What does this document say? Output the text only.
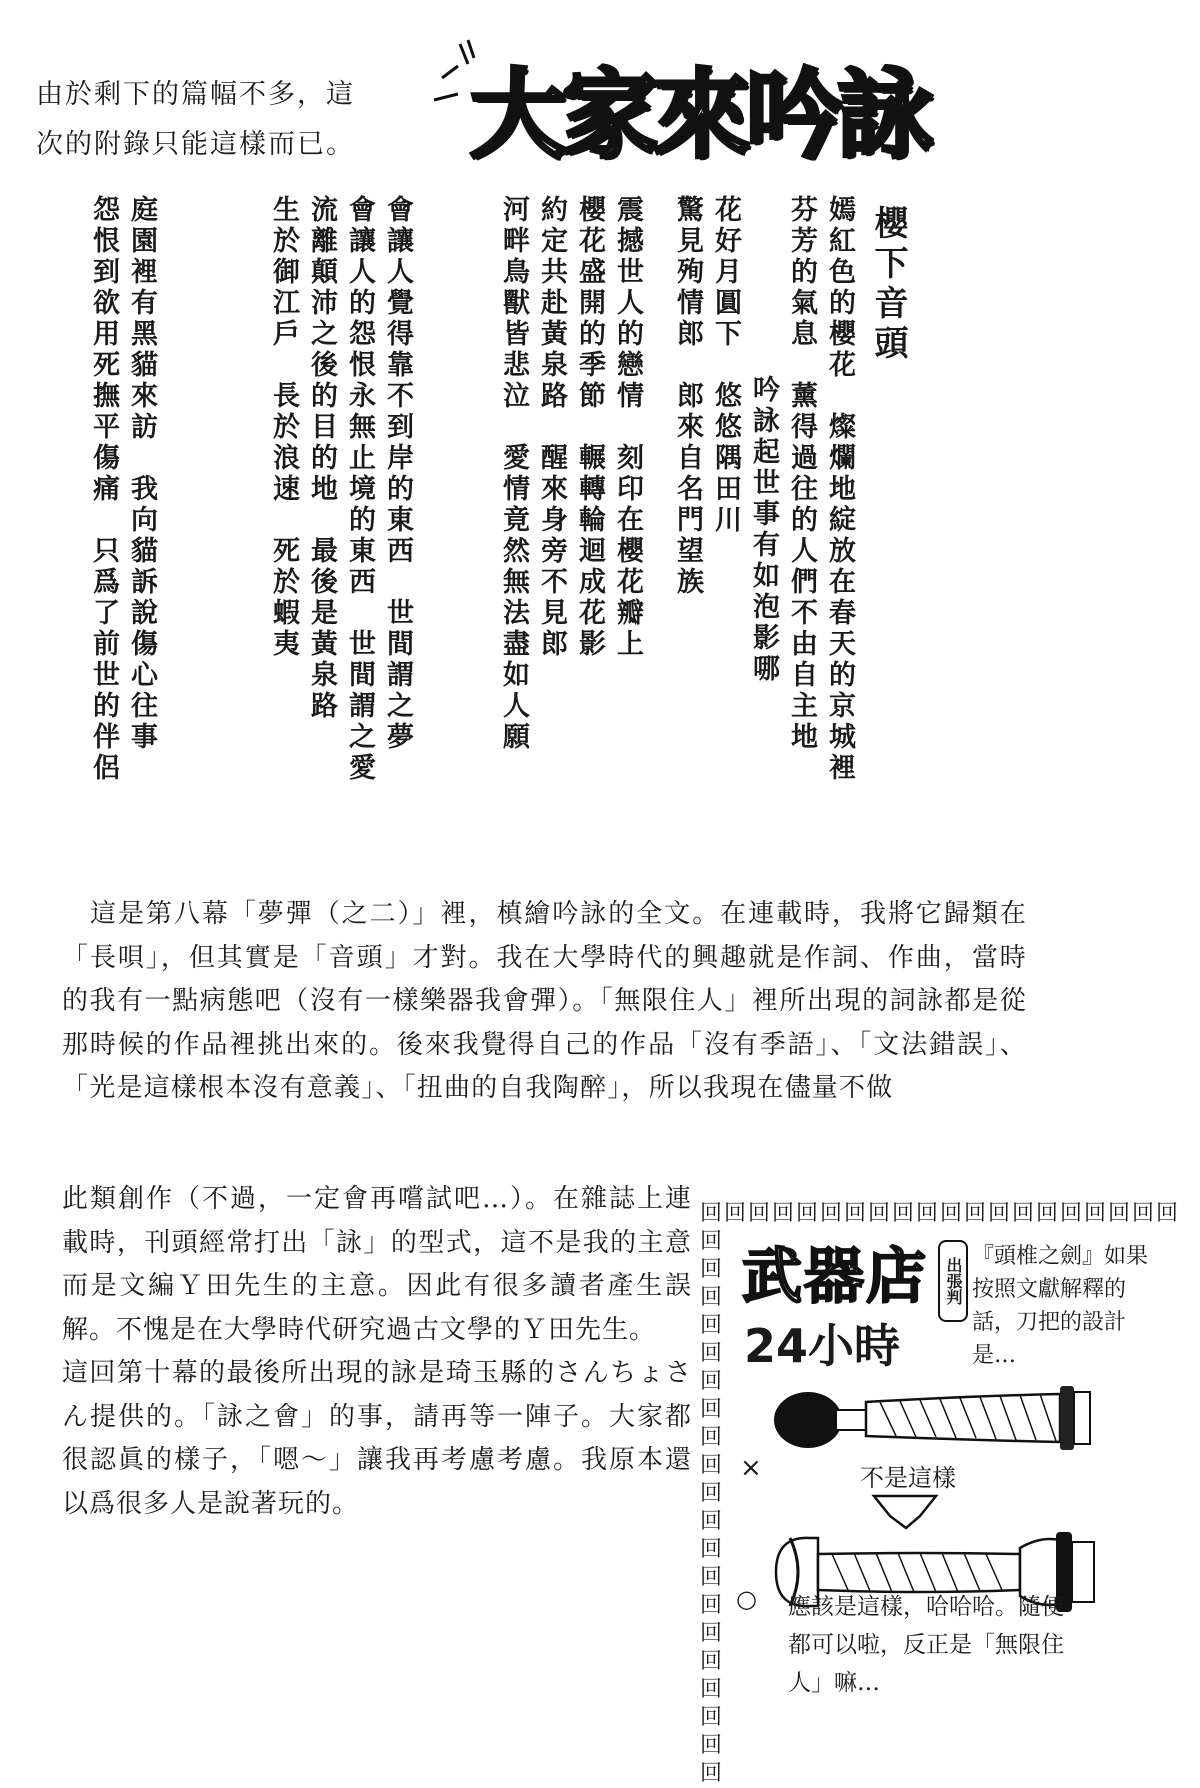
由於剩下的篇幅不多，這
次的附錄只能這樣而已。	大家來吟詠
櫻下音頭
嫣紅色的櫻花　燦爛地綻放在春天的京城裡
芬芳的氣息　薰得過往的人們不由自主地
吟詠起世事有如泡影哪
花好月圓下　悠悠隅田川
驚見殉情郎　郎來自名門望族
震撼世人的戀情　刻印在櫻花瓣上
櫻花盛開的季節　輾轉輪迴成花影
約定共赴黃泉路　醒來身旁不見郎
河畔鳥獸皆悲泣　愛情竟然無法盡如人願
會讓人覺得靠不到岸的東西　世間謂之夢
會讓人的怨恨永無止境的東西　世間謂之愛
流離顛沛之後的目的地　最後是黃泉路
生於御江戶　長於浪速　死於蝦夷
庭園裡有黑貓來訪　我向貓訴說傷心往事
怨恨到欲用死撫平傷痛　只爲了前世的伴侶

這是第八幕「夢彈（之二）」裡，槙繪吟詠的全文。在連載時，我將它歸類在「長唄」，但其實是「音頭」才對。我在大學時代的興趣就是作詞、作曲，當時的我有一點病態吧（沒有一樣樂器我會彈）。「無限住人」裡所出現的詞詠都是從那時候的作品裡挑出來的。後來我覺得自己的作品「沒有季語」、「文法錯誤」、「光是這樣根本沒有意義」、「扭曲的自我陶醉」，所以我現在儘量不做

此類創作（不過，一定會再嚐試吧…）。在雜誌上連載時，刊頭經常打出「詠」的型式，這不是我的主意而是文編Ｙ田先生的主意。因此有很多讀者產生誤解。不愧是在大學時代研究過古文學的Ｙ田先生。

這回第十幕的最後所出現的詠是琦玉縣的さんちょさん提供的。「詠之會」的事，請再等一陣子。大家都很認眞的樣子，「嗯～」讓我再考慮考慮。我原本還以爲很多人是說著玩的。

回回回回回回回回回回回回回回回回回回回回
回回回回回回回回回回回回回回回回回回回回
武器店	出張判
24小時
『頭椎之劍』如果按照文獻解釋的話，刀把的設計是…
×	不是這樣
○ 應該是這樣，哈哈哈。隨便都可以啦，反正是「無限住人」嘛…
